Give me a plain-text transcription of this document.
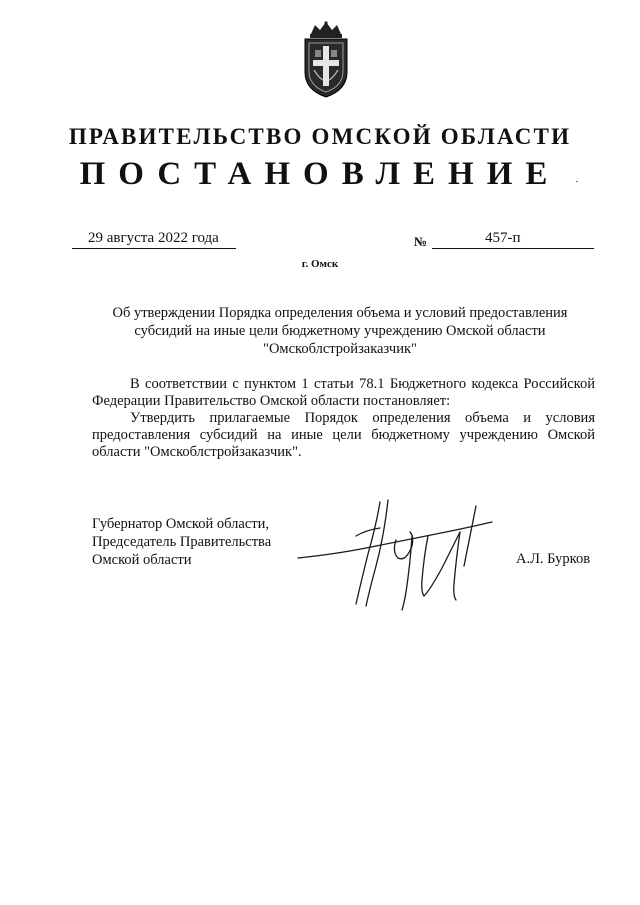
ПРАВИТЕЛЬСТВО ОМСКОЙ ОБЛАСТИ
ПОСТАНОВЛЕНИЕ
29 августа 2022 года	№	457-п
г. Омск
Об утверждении Порядка определения объема и условий предоставления
субсидий на иные цели бюджетному учреждению Омской области
"Омскоблстройзаказчик"

В соответствии с пунктом 1 статьи 78.1 Бюджетного кодекса Российской Федерации Правительство Омской области постановляет:

Утвердить прилагаемые Порядок определения объема и условия предоставления субсидий на иные цели бюджетному учреждению Омской области "Омскоблстройзаказчик".

Губернатор Омской области,
Председатель Правительства
Омской области	А.Л. Бурков
